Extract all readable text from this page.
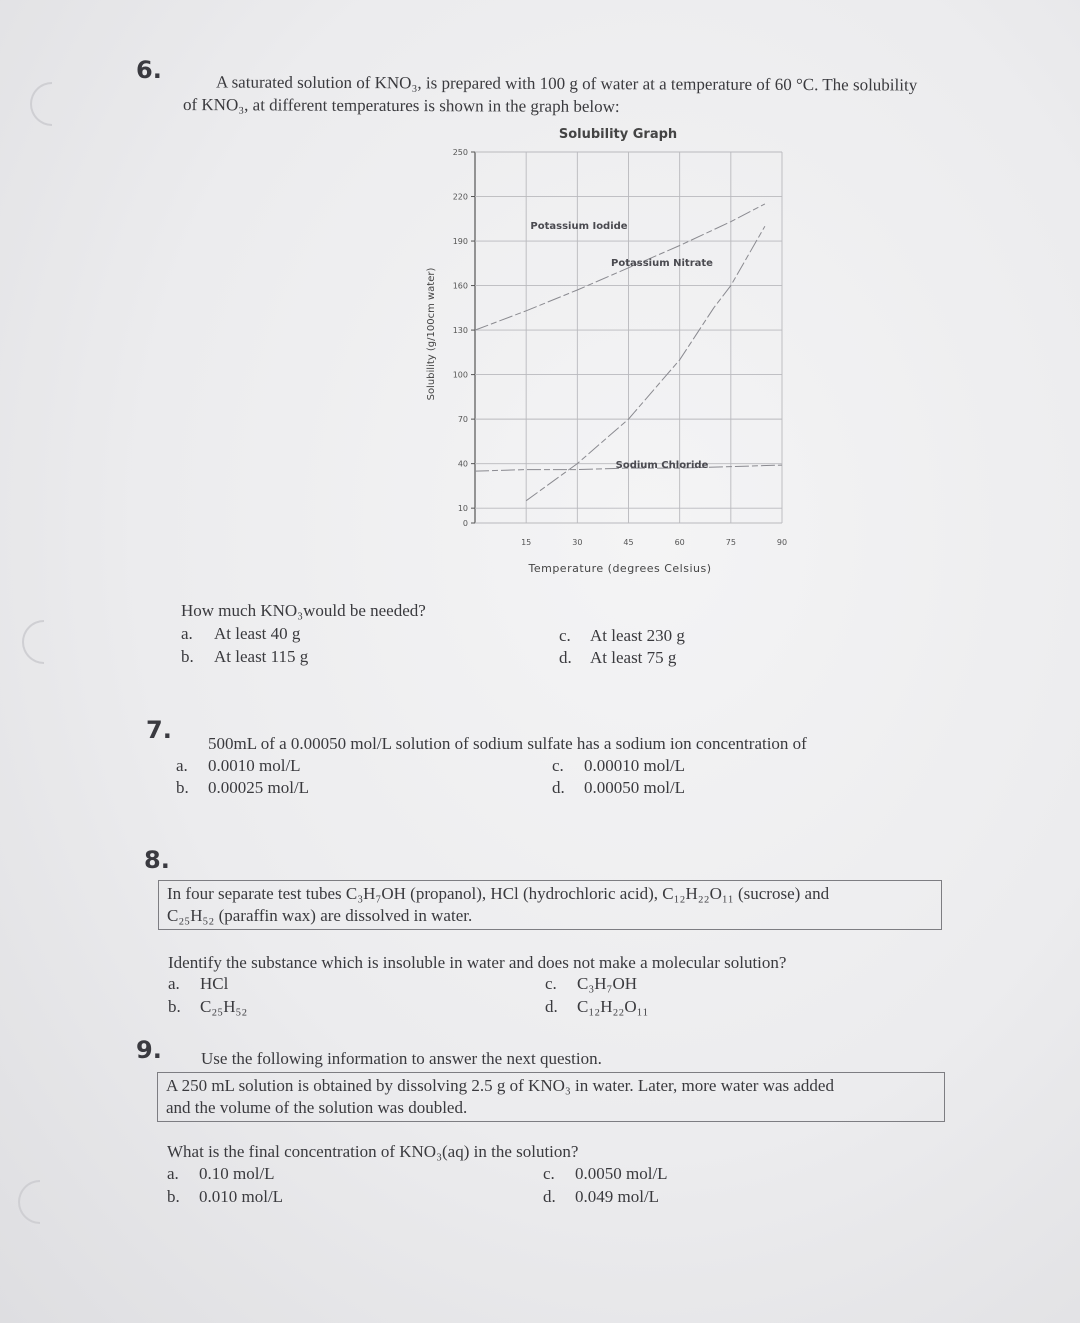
6.	A saturated solution of KNO₃, is prepared with 100 g of water at a temperature of 60 °C. The solubility
of KNO₃, at different temperatures is shown in the graph below:
Solubility Graph
Solubility (g/100cm water)
Temperature (degrees Celsius)
0
10
40
70
100
130
160
190
220
250
15	30	45	60	75	90
Potassium Iodide
Potassium Nitrate
Sodium Chloride
How much KNO₃would be needed?
a. At least 40 g
b. At least 115 g
c. At least 230 g
d. At least 75 g
7. 500mL of a 0.00050 mol/L solution of sodium sulfate has a sodium ion concentration of
a. 0.0010 mol/L
b. 0.00025 mol/L
c. 0.00010 mol/L
d. 0.00050 mol/L
8.
In four separate test tubes C₃H₇OH (propanol), HCl (hydrochloric acid), C₁₂H₂₂O₁₁ (sucrose) and
C₂₅H₅₂ (paraffin wax) are dissolved in water.
Identify the substance which is insoluble in water and does not make a molecular solution?
a. HCl
b. C₂₅H₅₂
c. C₃H₇OH
d. C₁₂H₂₂O₁₁
9. Use the following information to answer the next question.
A 250 mL solution is obtained by dissolving 2.5 g of KNO₃ in water. Later, more water was added
and the volume of the solution was doubled.
What is the final concentration of KNO₃(aq) in the solution?
a. 0.10 mol/L
b. 0.010 mol/L
c. 0.0050 mol/L
d. 0.049 mol/L
